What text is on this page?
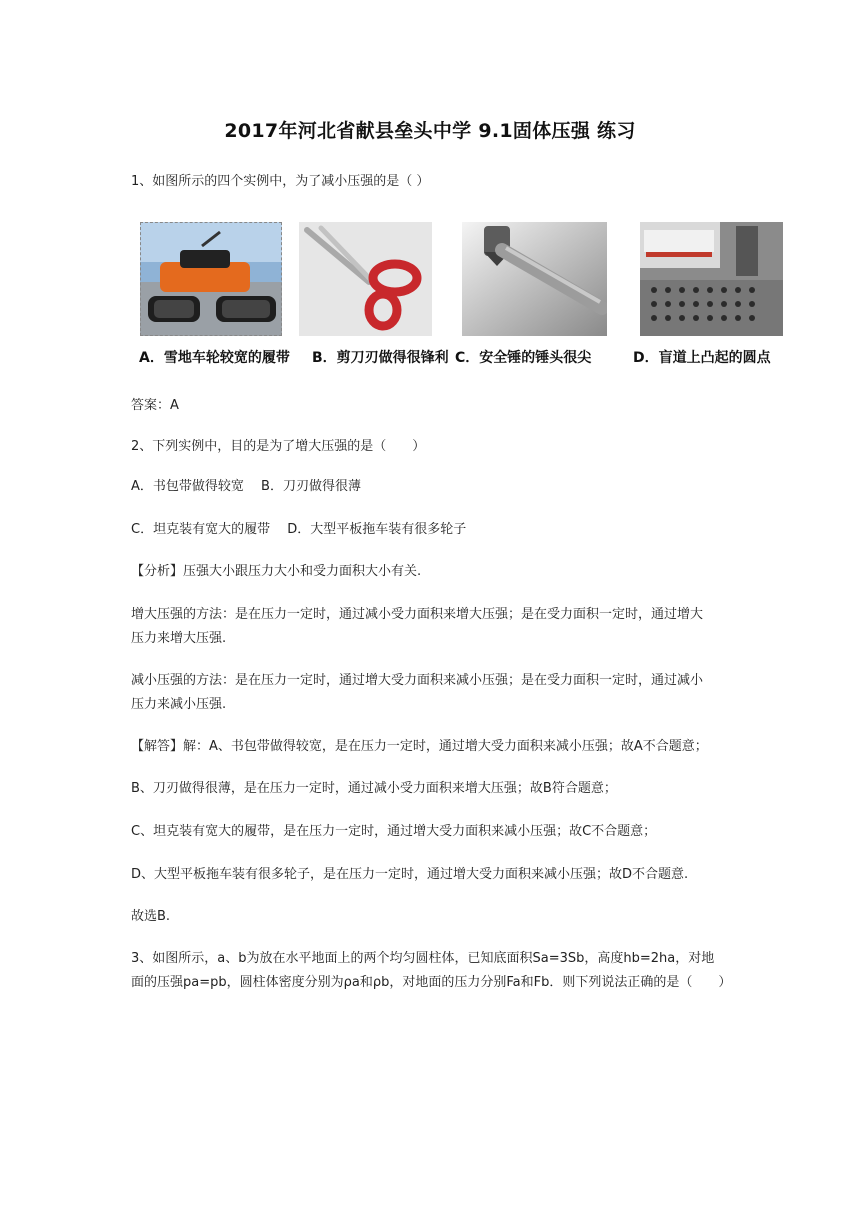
2017年河北省献县垒头中学 9.1固体压强 练习
1、如图所示的四个实例中，为了减小压强的是（ ）
A．雪地车轮较宽的履带 B．剪刀刃做得很锋利 C．安全锤的锤头很尖	D．盲道上凸起的圆点
答案：A
2、下列实例中，目的是为了增大压强的是（　　）
A．书包带做得较宽　 B．刀刃做得很薄
C．坦克装有宽大的履带　 D．大型平板拖车装有很多轮子
【分析】压强大小跟压力大小和受力面积大小有关.
增大压强的方法：是在压力一定时，通过减小受力面积来增大压强；是在受力面积一定时，通过增大
压力来增大压强.
减小压强的方法：是在压力一定时，通过增大受力面积来减小压强；是在受力面积一定时，通过减小
压力来减小压强.
【解答】解：A、书包带做得较宽，是在压力一定时，通过增大受力面积来减小压强；故A不合题意；
B、刀刃做得很薄，是在压力一定时，通过减小受力面积来增大压强；故B符合题意；
C、坦克装有宽大的履带，是在压力一定时，通过增大受力面积来减小压强；故C不合题意；
D、大型平板拖车装有很多轮子，是在压力一定时，通过增大受力面积来减小压强；故D不合题意.
故选B.
3、如图所示，a、b为放在水平地面上的两个均匀圆柱体，已知底面积Sa=3Sb，高度hb=2ha，对地
面的压强pa=pb，圆柱体密度分别为ρa和ρb，对地面的压力分别Fa和Fb．则下列说法正确的是（　　）
